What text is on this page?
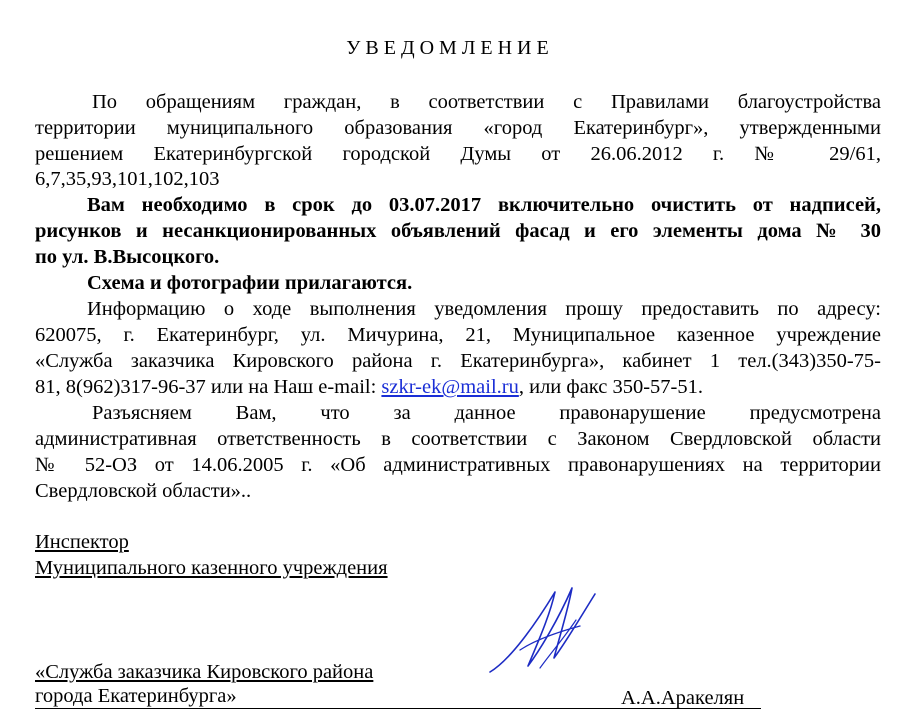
УВЕДОМЛЕНИЕ
По обращениям граждан, в соответствии с Правилами благоустройства
территории муниципального образования «город Екатеринбург», утвержденными
решением Екатеринбургской городской Думы от 26.06.2012 г. № 29/61,
6,7,35,93,101,102,103
Вам необходимо в срок до 03.07.2017 включительно очистить от надписей,
рисунков и несанкционированных объявлений фасад и его элементы дома № 30
по ул. В.Высоцкого.
Схема и фотографии прилагаются.
Информацию о ходе выполнения уведомления прошу предоставить по адресу:
620075, г. Екатеринбург, ул. Мичурина, 21, Муниципальное казенное учреждение
«Служба заказчика Кировского района г. Екатеринбурга», кабинет 1 тел.(343)350-75-
81, 8(962)317-96-37 или на Наш e-mail: szkr-ek@mail.ru, или факс 350-57-51.
Разъясняем Вам, что за данное правонарушение предусмотрена
административная ответственность в соответствии с Законом Свердловской области
№ 52-ОЗ от 14.06.2005 г. «Об административных правонарушениях на территории
Свердловской области»..
Инспектор
Муниципального казенного учреждения
«Служба заказчика Кировского района
города Екатеринбурга»	А.А.Аракелян
